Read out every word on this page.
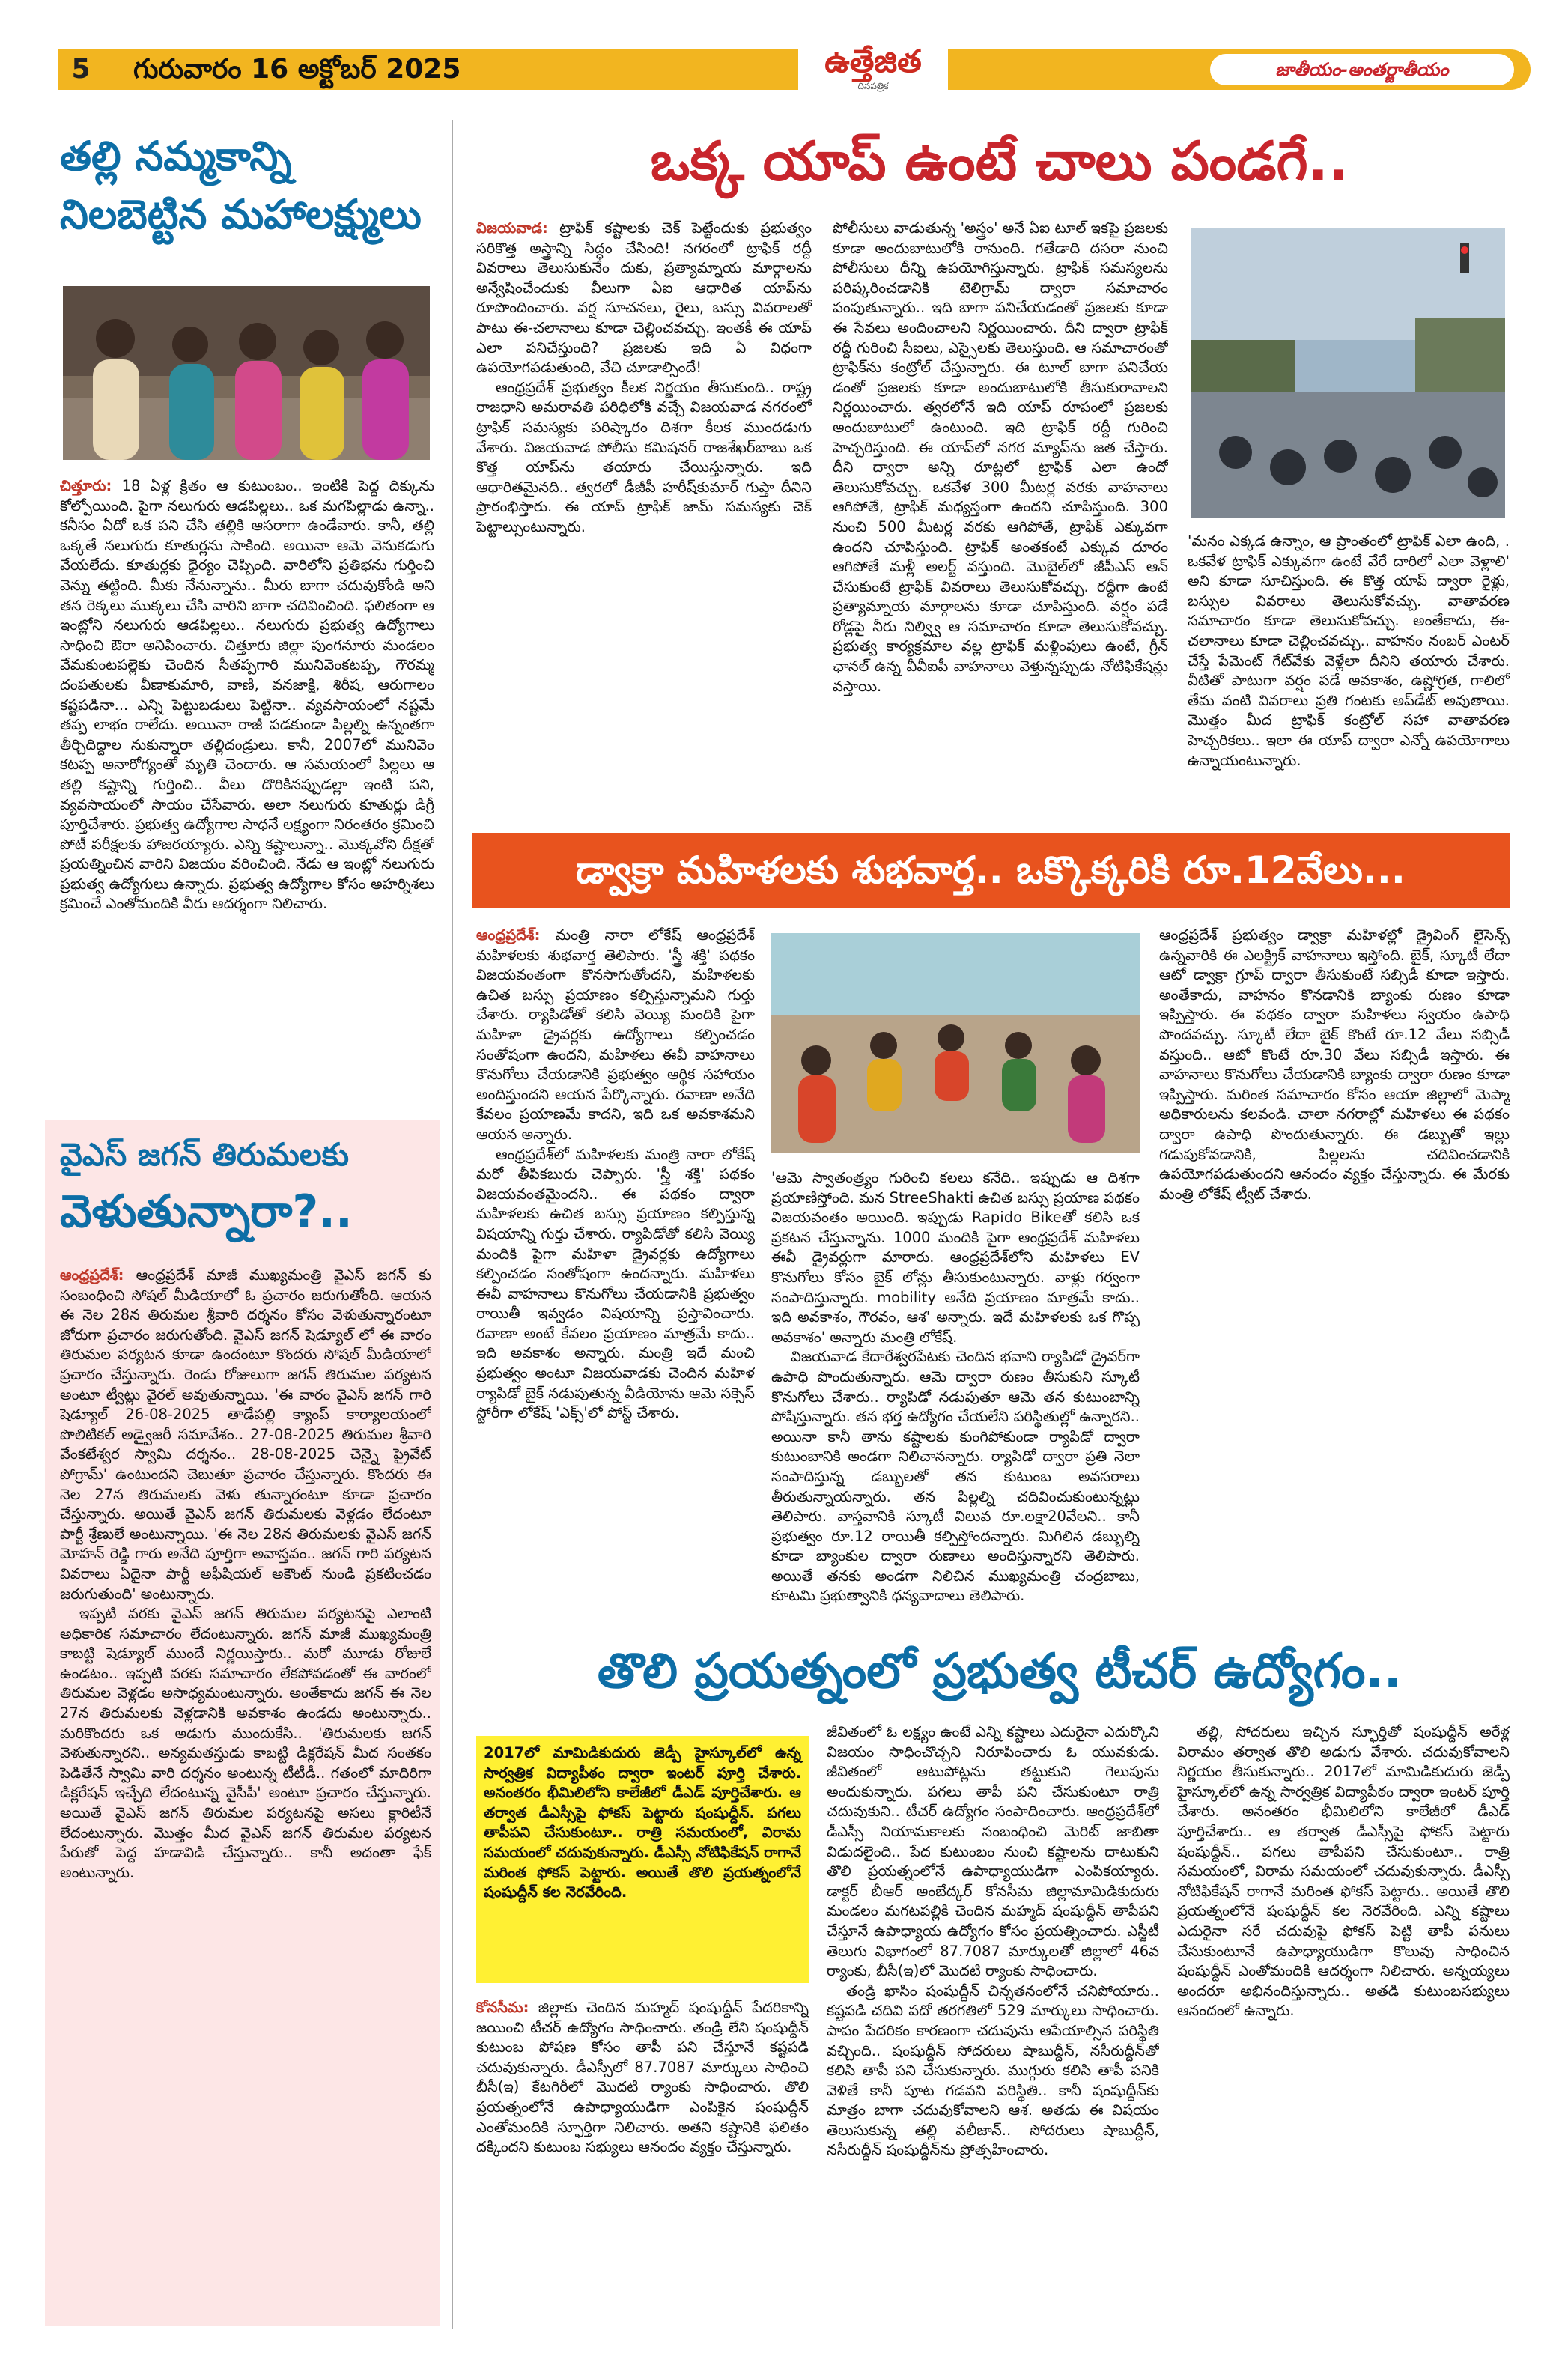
5	గురువారం 16 అక్టోబర్ 2025	ఉత్తేజిత
దినపత్రిక
జాతీయం-అంతర్జాతీయం
తల్లి నమ్మకాన్ని
నిలబెట్టిన మహాలక్ష్ములు

చిత్తూరు: 18 ఏళ్ల క్రితం ఆ కుటుంబం.. ఇంటికి పెద్ద దిక్కును కోల్పోయింది. పైగా నలుగురు ఆడపిల్లలు.. ఒక మగపిల్లాడు ఉన్నా.. కనీసం ఏదో ఒక పని చేసి తల్లికి ఆసరాగా ఉండేవారు. కానీ, తల్లి ఒక్కతే నలుగురు కూతుర్లను సాకింది. అయినా ఆమె వెనుకడుగు వేయలేదు. కూతుర్లకు ధైర్యం చెప్పింది. వారిలోని ప్రతిభను గుర్తించి వెన్ను తట్టింది. మీకు నేనున్నాను.. మీరు బాగా చదువుకోండి అని తన రెక్కలు ముక్కలు చేసి వారిని బాగా చదివించింది. ఫలితంగా ఆ ఇంట్లోని నలుగురు ఆడపిల్లలు.. నలుగురు ప్రభుత్వ ఉద్యోగాలు సాధించి ఔరా అనిపించారు. చిత్తూరు జిల్లా పుంగనూరు మండలం వేమకుంటపల్లెకు చెందిన సీతప్పగారి మునివెంకటప్ప, గౌరమ్మ దంపతులకు వీణాకుమారి, వాణి, వనజాక్షి, శిరీష, ఆరుగాలం కష్టపడినా... ఎన్ని పెట్టుబడులు పెట్టినా.. వ్యవసాయంలో నష్టమే తప్ప లాభం రాలేదు. అయినా రాజీ పడకుండా పిల్లల్ని ఉన్నంతగా తీర్చిదిద్దాల నుకున్నారా తల్లిదండ్రులు. కానీ, 2007లో మునివెం కటప్ప అనారోగ్యంతో మృతి చెందారు. ఆ సమయంలో పిల్లలు ఆ తల్లి కష్టాన్ని గుర్తించి.. వీలు దొరికినప్పుడల్లా ఇంటి పని, వ్యవసాయంలో సాయం చేసేవారు. అలా నలుగురు కూతుర్లు డిగ్రీ పూర్తిచేశారు. ప్రభుత్వ ఉద్యోగాల సాధనే లక్ష్యంగా నిరంతరం క్రమించి పోటీ పరీక్షలకు హాజరయ్యారు. ఎన్ని కష్టాలున్నా.. మొక్కవోని దీక్షతో ప్రయత్నించిన వారిని విజయం వరించింది. నేడు ఆ ఇంట్లో నలుగురు ప్రభుత్వ ఉద్యోగులు ఉన్నారు. ప్రభుత్వ ఉద్యోగాల కోసం అహర్నిశలు క్రమించే ఎంతోమందికి వీరు ఆదర్శంగా నిలిచారు.

వైఎస్ జగన్ తిరుమలకు
వెళుతున్నారా?..

ఆంధ్రప్రదేశ్: ఆంధ్రప్రదేశ్ మాజీ ముఖ్యమంత్రి వైఎస్ జగన్ కు సంబంధించి సోషల్ మీడియాలో ఓ ప్రచారం జరుగుతోంది. ఆయన ఈ నెల 28న తిరుమల శ్రీవారి దర్శనం కోసం వెళుతున్నారంటూ జోరుగా ప్రచారం జరుగుతోంది. వైఎస్ జగన్ షెడ్యూల్ లో ఈ వారం తిరుమల పర్యటన కూడా ఉందంటూ కొందరు సోషల్ మీడియాలో ప్రచారం చేస్తున్నారు. రెండు రోజులుగా జగన్ తిరుమల పర్యటన అంటూ ట్వీట్లు వైరల్ అవుతున్నాయి. 'ఈ వారం వైఎస్ జగన్ గారి షెడ్యూల్ 26-08-2025 తాడేపల్లి క్యాంప్ కార్యాలయంలో పొలిటికల్ అడ్వైజరీ సమావేశం.. 27-08-2025 తిరుమల శ్రీవారి వేంకటేశ్వర స్వామి దర్శనం.. 28-08-2025 చెన్నై ప్రైవేట్ పోగ్రామ్' ఉంటుందని చెబుతూ ప్రచారం చేస్తున్నారు. కొందరు ఈ నెల 27న తిరుమలకు వెళు తున్నారంటూ కూడా ప్రచారం చేస్తున్నారు. అయితే వైఎస్ జగన్ తిరుమలకు వెళ్లడం లేదంటూ పార్టీ శ్రేణులే అంటున్నాయి. 'ఈ నెల 28న తిరుమలకు వైఎస్ జగన్ మోహన్ రెడ్డి గారు అనేది పూర్తిగా అవాస్తవం.. జగన్ గారి పర్యటన వివరాలు ఏదైనా పార్టీ అఫీషియల్ అకౌంట్ నుండి ప్రకటించడం జరుగుతుంది' అంటున్నారు.

ఇప్పటి వరకు వైఎస్ జగన్ తిరుమల పర్యటనపై ఎలాంటి అధికారిక సమాచారం లేదంటున్నారు. జగన్ మాజీ ముఖ్యమంత్రి కాబట్టి షెడ్యూల్ ముందే నిర్ణయిస్తారు.. మరో మూడు రోజులే ఉండటం.. ఇప్పటి వరకు సమాచారం లేకపోవడంతో ఈ వారంలో తిరుమల వెళ్లడం అసాధ్యమంటున్నారు. అంతేకాదు జగన్ ఈ నెల 27న తిరుమలకు వెళ్లడానికి అవకాశం ఉండదు అంటున్నారు.. మరికొందరు ఒక అడుగు ముందుకేసి.. 'తిరుమలకు జగన్ వెళుతున్నారని.. అన్యమతస్తుడు కాబట్టి డిక్లరేషన్ మీద సంతకం పెడితేనే స్వామి వారి దర్శనం అంటున్న టీటీడీ.. గతంలో మాదిరిగా డిక్లరేషన్ ఇచ్చేది లేదంటున్న వైసీపీ' అంటూ ప్రచారం చేస్తున్నారు. అయితే వైఎస్ జగన్ తిరుమల పర్యటనపై అసలు క్లారిటీనే లేదంటున్నారు. మొత్తం మీద వైఎస్ జగన్ తిరుమల పర్యటన పేరుతో పెద్ద హడావిడి చేస్తున్నారు.. కానీ అదంతా ఫేక్ అంటున్నారు.

ఒక్క యాప్ ఉంటే చాలు పండగే..

విజయవాడ: ట్రాఫిక్ కష్టాలకు చెక్ పెట్టేందుకు ప్రభుత్వం సరికొత్త అస్త్రాన్ని సిద్ధం చేసింది! నగరంలో ట్రాఫిక్ రద్దీ వివరాలు తెలుసుకునేం దుకు, ప్రత్యామ్నాయ మార్గాలను అన్వేషించేందుకు వీలుగా ఏఐ ఆధారిత యాప్‌ను రూపొందించారు. వర్ష సూచనలు, రైలు, బస్సు వివరాలతో పాటు ఈ-చలానాలు కూడా చెల్లించవచ్చు. ఇంతకీ ఈ యాప్ ఎలా పనిచేస్తుంది? ప్రజలకు ఇది ఏ విధంగా ఉపయోగపడుతుంది, వేచి చూడాల్సిందే!

ఆంధ్రప్రదేశ్ ప్రభుత్వం కీలక నిర్ణయం తీసుకుంది.. రాష్ట్ర రాజధాని అమరావతి పరిధిలోకి వచ్చే విజయవాడ నగరంలో ట్రాఫిక్ సమస్యకు పరిష్కారం దిశగా కీలక ముందడుగు వేశారు. విజయవాడ పోలీసు కమిషనర్ రాజశేఖర్‌బాబు ఒక కొత్త యాప్‌ను తయారు చేయిస్తున్నారు. ఇది ఆధారితమైనది.. త్వరలో డీజీపీ హరీష్‌కుమార్ గుప్తా దీనిని ప్రారంభిస్తారు. ఈ యాప్ ట్రాఫిక్ జామ్ సమస్యకు చెక్ పెట్టాల్సుంటున్నారు.

పోలీసులు వాడుతున్న 'అస్త్రం' అనే ఏఐ టూల్ ఇకపై ప్రజలకు కూడా అందుబాటులోకి రానుంది. గతేడాది దసరా నుంచి పోలీసులు దీన్ని ఉపయోగిస్తున్నారు. ట్రాఫిక్ సమస్యలను పరిష్కరించడానికి టెలిగ్రామ్ ద్వారా సమాచారం పంపుతున్నారు.. ఇది బాగా పనిచేయడంతో ప్రజలకు కూడా ఈ సేవలు అందించాలని నిర్ణయించారు. దీని ద్వారా ట్రాఫిక్ రద్దీ గురించి సీఐలు, ఎస్సైలకు తెలుస్తుంది. ఆ సమాచారంతో ట్రాఫిక్‌ను కంట్రోల్ చేస్తున్నారు. ఈ టూల్ బాగా పనిచేయ డంతో ప్రజలకు కూడా అందుబాటులోకి తీసుకురావాలని నిర్ణయించారు. త్వరలోనే ఇది యాప్ రూపంలో ప్రజలకు అందుబాటులో ఉంటుంది. ఇది ట్రాఫిక్ రద్దీ గురించి హెచ్చరిస్తుంది. ఈ యాప్‌లో నగర మ్యాప్‌ను జత చేస్తారు. దీని ద్వారా అన్ని రూట్లలో ట్రాఫిక్ ఎలా ఉందో తెలుసుకోవచ్చు. ఒకవేళ 300 మీటర్ల వరకు వాహనాలు ఆగిపోతే, ట్రాఫిక్ మధ్యస్తంగా ఉందని చూపిస్తుంది. 300 నుంచి 500 మీటర్ల వరకు ఆగిపోతే, ట్రాఫిక్ ఎక్కువగా ఉందని చూపిస్తుంది. ట్రాఫిక్ అంతకంటే ఎక్కువ దూరం ఆగిపోతే మళ్లీ అలర్ట్ వస్తుంది. మొబైల్‌లో జీపీఎస్ ఆన్ చేసుకుంటే ట్రాఫిక్ వివరాలు తెలుసుకోవచ్చు. రద్దీగా ఉంటే ప్రత్యామ్నాయ మార్గాలను కూడా చూపిస్తుంది. వర్షం పడే రోడ్లపై నీరు నిల్వ్వి ఆ సమాచారం కూడా తెలుసుకోవచ్చు. ప్రభుత్వ కార్యక్రమాల వల్ల ట్రాఫిక్ మళ్లింపులు ఉంటే, గ్రీన్ ఛానల్ ఉన్న వీవీఐపీ వాహనాలు వెళ్తున్నప్పుడు నోటిఫికేషన్లు వస్తాయి.

'మనం ఎక్కడ ఉన్నాం, ఆ ప్రాంతంలో ట్రాఫిక్ ఎలా ఉంది, . ఒకవేళ ట్రాఫిక్ ఎక్కువగా ఉంటే వేరే దారిలో ఎలా వెళ్లాలి' అని కూడా సూచిస్తుంది. ఈ కొత్త యాప్ ద్వారా రైళ్లు, బస్సుల వివరాలు తెలుసుకోవచ్చు. వాతావరణ సమాచారం కూడా తెలుసుకోవచ్చు. అంతేకాదు, ఈ-చలానాలు కూడా చెల్లించవచ్చు.. వాహనం నంబర్ ఎంటర్ చేస్తే పేమెంట్ గేట్‌వేకు వెళ్లేలా దీనిని తయారు చేశారు. వీటితో పాటుగా వర్షం పడే అవకాశం, ఉష్ణోగ్రత, గాలిలో తేమ వంటి వివరాలు ప్రతి గంటకు అప్‌డేట్ అవుతాయి. మొత్తం మీద ట్రాఫిక్ కంట్రోల్ సహా వాతావరణ హెచ్చరికలు.. ఇలా ఈ యాప్ ద్వారా ఎన్నో ఉపయోగాలు ఉన్నాయంటున్నారు.

డ్వాక్రా మహిళలకు శుభవార్త.. ఒక్కొక్కరికి రూ.12వేలు...

ఆంధ్రప్రదేశ్: మంత్రి నారా లోకేష్ ఆంధ్రప్రదేశ్ మహిళలకు శుభవార్త తెలిపారు. 'స్త్రీ శక్తి' పథకం విజయవంతంగా కొనసాగుతోందని, మహిళలకు ఉచిత బస్సు ప్రయాణం కల్పిస్తున్నామని గుర్తు చేశారు. ర్యాపిడోతో కలిసి వెయ్యి మందికి పైగా మహిళా డ్రైవర్లకు ఉద్యోగాలు కల్పించడం సంతోషంగా ఉందని, మహిళలు ఈవీ వాహనాలు కొనుగోలు చేయడానికి ప్రభుత్వం ఆర్థిక సహాయం అందిస్తుందని ఆయన పేర్కొన్నారు. రవాణా అనేది కేవలం ప్రయాణమే కాదని, ఇది ఒక అవకాశమని ఆయన అన్నారు.

ఆంధ్రప్రదేశ్‌లో మహిళలకు మంత్రి నారా లోకేష్ మరో తీపికబురు చెప్పారు. 'స్త్రీ శక్తి' పథకం విజయవంతమైందని.. ఈ పథకం ద్వారా మహిళలకు ఉచిత బస్సు ప్రయాణం కల్పిస్తున్న విషయాన్ని గుర్తు చేశారు. ర్యాపిడోతో కలిసి వెయ్యి మందికి పైగా మహిళా డ్రైవర్లకు ఉద్యోగాలు కల్పించడం సంతోషంగా ఉందన్నారు. మహిళలు ఈవీ వాహనాలు కొనుగోలు చేయడానికి ప్రభుత్వం రాయితీ ఇవ్వడం విషయాన్ని ప్రస్తావించారు. రవాణా అంటే కేవలం ప్రయాణం మాత్రమే కాదు.. ఇది అవకాశం అన్నారు. మంత్రి ఇదే మంచి ప్రభుత్వం అంటూ విజయవాడకు చెందిన మహిళ ర్యాపిడో బైక్ నడుపుతున్న వీడియోను ఆమె సక్సెస్ స్టోరీగా లోకేష్ 'ఎక్స్'లో పోస్ట్ చేశారు.

'ఆమె స్వాతంత్ర్యం గురించి కలలు కనేది.. ఇప్పుడు ఆ దిశగా ప్రయాణిస్తోంది. మన StreeShakti ఉచిత బస్సు ప్రయాణ పథకం విజయవంతం అయింది. ఇప్పుడు Rapido Bikeతో కలిసి ఒక ప్రకటన చేస్తున్నాను. 1000 మందికి పైగా ఆంధ్రప్రదేశ్ మహిళలు ఈవీ డ్రైవర్లుగా మారారు. ఆంధ్రప్రదేశ్‌లోని మహిళలు EV కొనుగోలు కోసం బైక్ లోన్లు తీసుకుంటున్నారు. వాళ్లు గర్వంగా సంపాదిస్తున్నారు. mobility అనేది ప్రయాణం మాత్రమే కాదు.. ఇది అవకాశం, గౌరవం, ఆశ' అన్నారు. ఇదే మహిళలకు ఒక గొప్ప అవకాశం' అన్నారు మంత్రి లోకేష్.

విజయవాడ కేదారేశ్వరపేటకు చెందిన భవాని ర్యాపిడో డ్రైవర్‌గా ఉపాధి పొందుతున్నారు. ఆమె ద్వారా రుణం తీసుకుని స్కూటీ కొనుగోలు చేశారు.. ర్యాపిడో నడుపుతూ ఆమె తన కుటుంబాన్ని పోషిస్తున్నారు. తన భర్త ఉద్యోగం చేయలేని పరిస్థితుల్లో ఉన్నారని.. అయినా కానీ తాను కష్టాలకు కుంగిపోకుండా ర్యాపిడో ద్వారా కుటుంబానికి అండగా నిలిచానన్నారు. ర్యాపిడో ద్వారా ప్రతి నెలా సంపాదిస్తున్న డబ్బులతో తన కుటుంబ అవసరాలు తీరుతున్నాయన్నారు. తన పిల్లల్ని చదివించుకుంటున్నట్లు తెలిపారు. వాస్తవానికి స్కూటీ విలువ రూ.లక్షా20వేలని.. కానీ ప్రభుత్వం రూ.12 రాయితీ కల్పిస్తోందన్నారు. మిగిలిన డబ్బుల్ని కూడా బ్యాంకుల ద్వారా రుణాలు అందిస్తున్నారని తెలిపారు. అయితే తనకు అండగా నిలిచిన ముఖ్యమంత్రి చంద్రబాబు, కూటమి ప్రభుత్వానికి ధన్యవాదాలు తెలిపారు.

ఆంధ్రప్రదేశ్ ప్రభుత్వం డ్వాక్రా మహిళల్లో డ్రైవింగ్ లైసెన్స్ ఉన్నవారికి ఈ ఎలక్ట్రిక్ వాహనాలు ఇస్తోంది. బైక్, స్కూటీ లేదా ఆటో డ్వాక్రా గ్రూప్ ద్వారా తీసుకుంటే సబ్సిడీ కూడా ఇస్తారు. అంతేకాదు, వాహనం కొనడానికి బ్యాంకు రుణం కూడా ఇప్పిస్తారు. ఈ పథకం ద్వారా మహిళలు స్వయం ఉపాధి పొందవచ్చు. స్కూటీ లేదా బైక్ కొంటే రూ.12 వేలు సబ్సిడీ వస్తుంది.. ఆటో కొంటే రూ.30 వేలు సబ్సిడీ ఇస్తారు. ఈ వాహనాలు కొనుగోలు చేయడానికి బ్యాంకు ద్వారా రుణం కూడా ఇప్పిస్తారు. మరింత సమాచారం కోసం ఆయా జిల్లాలో మెప్మా అధికారులను కలవండి. చాలా నగరాల్లో మహిళలు ఈ పథకం ద్వారా ఉపాధి పొందుతున్నారు. ఈ డబ్బుతో ఇల్లు గడుపుకోవడానికి, పిల్లలను చదివించడానికి ఉపయోగపడుతుందని ఆనందం వ్యక్తం చేస్తున్నారు. ఈ మేరకు మంత్రి లోకేష్ ట్వీట్ చేశారు.

తొలి ప్రయత్నంలో ప్రభుత్వ టీచర్ ఉద్యోగం..
2017లో మామిడికుదురు జెడ్పీ హైస్కూల్‌లో ఉన్న సార్వత్రిక విద్యాపీఠం ద్వారా ఇంటర్ పూర్తి చేశారు. అనంతరం భీమిలిలోని కాలేజీలో డీఎడ్ పూర్తిచేశారు. ఆ తర్వాత డీఎస్సీపై ఫోకస్ పెట్టారు షంషుద్దీన్. పగలు తాపీపని చేసుకుంటూ.. రాత్రి సమయంలో, విరామ సమయంలో చదువుకున్నారు. డీఎస్సీ నోటిఫికేషన్ రాగానే మరింత ఫోకస్ పెట్టారు. అయితే తొలి ప్రయత్నంలోనే షంషుద్దీన్ కల నెరవేరింది.

కోనసీమ: జిల్లాకు చెందిన మహ్మద్ షంషుద్దీన్ పేదరికాన్ని జయించి టీచర్ ఉద్యోగం సాధించారు. తండ్రి లేని షంషుద్దీన్ కుటుంబ పోషణ కోసం తాపీ పని చేస్తూనే కష్టపడి చదువుకున్నారు. డీఎస్సీలో 87.7087 మార్కులు సాధించి బీసీ(ఇ) కేటగిరీలో మొదటి ర్యాంకు సాధించారు. తొలి ప్రయత్నంలోనే ఉపాధ్యాయుడిగా ఎంపికైన షంషుద్దీన్ ఎంతోమందికి స్ఫూర్తిగా నిలిచారు. అతని కష్టానికి ఫలితం దక్కిందని కుటుంబ సభ్యులు ఆనందం వ్యక్తం చేస్తున్నారు.

జీవితంలో ఓ లక్ష్యం ఉంటే ఎన్ని కష్టాలు ఎదురైనా ఎదుర్కొని విజయం సాధించొచ్చని నిరూపించారు ఓ యువకుడు. జీవితంలో ఆటుపోట్లను తట్టుకుని గెలుపును అందుకున్నారు. పగలు తాపీ పని చేసుకుంటూ రాత్రి చదువుకుని.. టీచర్ ఉద్యోగం సంపాదించారు. ఆంధ్రప్రదేశ్‌లో డీఎస్సీ నియామకాలకు సంబంధించి మెరిట్ జాబితా విడుదలైంది.. పేద కుటుంబం నుంచి కష్టాలను దాటుకుని తొలి ప్రయత్నంలోనే ఉపాధ్యాయుడిగా ఎంపికయ్యారు. డాక్టర్ బీఆర్ అంబేద్కర్ కోనసీమ జిల్లామామిడికుదురు మండలం మగటపల్లికి చెందిన మహ్మద్ షంషుద్దీన్ తాపీపని చేస్తూనే ఉపాధ్యాయ ఉద్యోగం కోసం ప్రయత్నించారు. ఎస్జీటీ తెలుగు విభాగంలో 87.7087 మార్కులతో జిల్లాలో 46వ ర్యాంకు, బీసీ(ఇ)లో మొదటి ర్యాంకు సాధించారు.

తండ్రి ఖాసిం షంషుద్దీన్ చిన్నతనంలోనే చనిపోయారు.. కష్టపడి చదివి పదో తరగతిలో 529 మార్కులు సాధించారు. పాపం పేదరికం కారణంగా చదువును ఆపేయాల్సిన పరిస్థితి వచ్చింది.. షంషుద్దీన్ సోదరులు షాబుద్దీన్, నసీరుద్దీన్‌తో కలిసి తాపీ పని చేసుకున్నారు. ముగ్గురు కలిసి తాపీ పనికి వెళితే కానీ పూట గడవని పరిస్థితి.. కానీ షంషుద్దీన్‌కు మాత్రం బాగా చదువుకోవాలని ఆశ. అతడు ఈ విషయం తెలుసుకున్న తల్లి వలీజాన్.. సోదరులు షాబుద్దీన్, నసీరుద్దీన్ షంషుద్దీన్‌ను ప్రోత్సహించారు.

తల్లి, సోదరులు ఇచ్చిన స్ఫూర్తితో షంషుద్దీన్ అరేళ్ల విరామం తర్వాత తొలి అడుగు వేశారు. చదువుకోవాలని నిర్ణయం తీసుకున్నారు.. 2017లో మామిడికుదురు జెడ్పీ హైస్కూల్‌లో ఉన్న సార్వత్రిక విద్యాపీఠం ద్వారా ఇంటర్ పూర్తి చేశారు. అనంతరం భీమిలిలోని కాలేజీలో డీఎడ్ పూర్తిచేశారు.. ఆ తర్వాత డీఎస్సీపై ఫోకస్ పెట్టారు షంషుద్దీన్.. పగలు తాపీపని చేసుకుంటూ.. రాత్రి సమయంలో, విరామ సమయంలో చదువుకున్నారు. డీఎస్సీ నోటిఫికేషన్ రాగానే మరింత ఫోకస్ పెట్టారు.. అయితే తొలి ప్రయత్నంలోనే షంషుద్దీన్ కల నెరవేరింది. ఎన్ని కష్టాలు ఎదురైనా సరే చదువుపై ఫోకస్ పెట్టి తాపీ పనులు చేసుకుంటూనే ఉపాధ్యాయుడిగా కొలువు సాధించిన షంషుద్దీన్ ఎంతోమందికి ఆదర్శంగా నిలిచారు. అన్నయ్యలు అందరూ అభినందిస్తున్నారు.. అతడి కుటుంబసభ్యులు ఆనందంలో ఉన్నారు.
